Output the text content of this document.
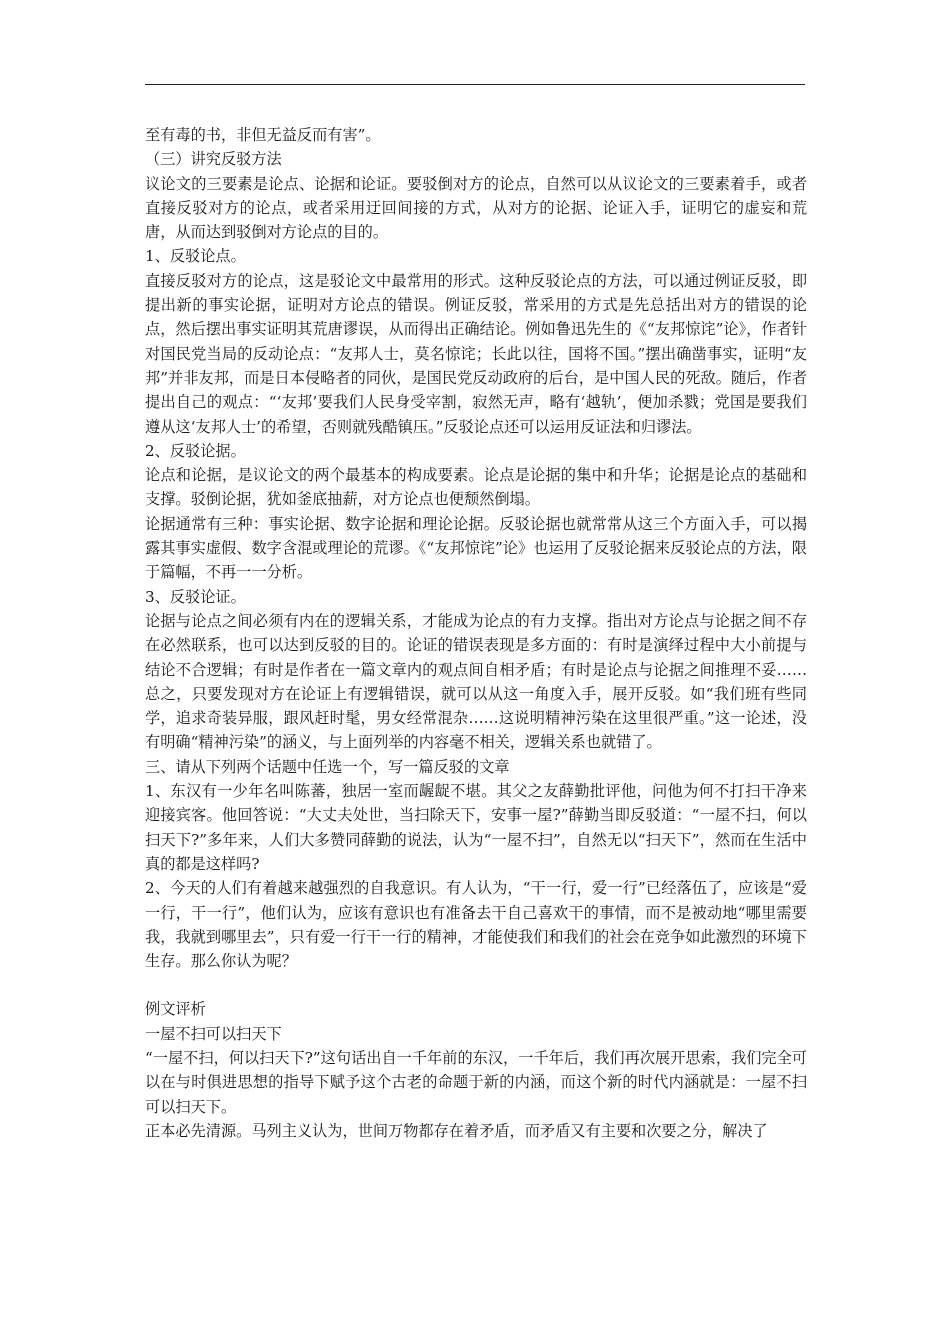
至有毒的书，非但无益反而有害”。

（三）讲究反驳方法

议论文的三要素是论点、论据和论证。要驳倒对方的论点，自然可以从议论文的三要素着手，或者直接反驳对方的论点，或者采用迂回间接的方式，从对方的论据、论证入手，证明它的虚妄和荒唐，从而达到驳倒对方论点的目的。

1、反驳论点。

直接反驳对方的论点，这是驳论文中最常用的形式。这种反驳论点的方法，可以通过例证反驳，即提出新的事实论据，证明对方论点的错误。例证反驳，常采用的方式是先总括出对方的错误的论点，然后摆出事实证明其荒唐谬误，从而得出正确结论。例如鲁迅先生的《“友邦惊诧”论》，作者针对国民党当局的反动论点：“友邦人士，莫名惊诧；长此以往，国将不国。”摆出确凿事实，证明“友邦”并非友邦，而是日本侵略者的同伙，是国民党反动政府的后台，是中国人民的死敌。随后，作者提出自己的观点：“‘友邦’要我们人民身受宰割，寂然无声，略有‘越轨’，便加杀戮；党国是要我们遵从这‘友邦人士’的希望，否则就残酷镇压。”反驳论点还可以运用反证法和归谬法。

2、反驳论据。

论点和论据，是议论文的两个最基本的构成要素。论点是论据的集中和升华；论据是论点的基础和支撑。驳倒论据，犹如釜底抽薪，对方论点也便颓然倒塌。

论据通常有三种：事实论据、数字论据和理论论据。反驳论据也就常常从这三个方面入手，可以揭露其事实虚假、数字含混或理论的荒谬。《“友邦惊诧”论》也运用了反驳论据来反驳论点的方法，限于篇幅，不再一一分析。

3、反驳论证。

论据与论点之间必须有内在的逻辑关系，才能成为论点的有力支撑。指出对方论点与论据之间不存在必然联系，也可以达到反驳的目的。论证的错误表现是多方面的：有时是演绎过程中大小前提与结论不合逻辑；有时是作者在一篇文章内的观点间自相矛盾；有时是论点与论据之间推理不妥……总之，只要发现对方在论证上有逻辑错误，就可以从这一角度入手，展开反驳。如“我们班有些同学，追求奇装异服，跟风赶时髦，男女经常混杂……这说明精神污染在这里很严重。”这一论述，没有明确“精神污染”的涵义，与上面列举的内容毫不相关，逻辑关系也就错了。

三、请从下列两个话题中任选一个，写一篇反驳的文章

1、东汉有一少年名叫陈蕃，独居一室而龌龊不堪。其父之友薛勤批评他，问他为何不打扫干净来迎接宾客。他回答说：“大丈夫处世，当扫除天下，安事一屋?”薛勤当即反驳道：“一屋不扫，何以扫天下?”多年来，人们大多赞同薛勤的说法，认为“一屋不扫”，自然无以“扫天下”，然而在生活中真的都是这样吗?

2、今天的人们有着越来越强烈的自我意识。有人认为，“干一行，爱一行”已经落伍了，应该是“爱一行，干一行”，他们认为，应该有意识也有准备去干自己喜欢干的事情，而不是被动地“哪里需要我，我就到哪里去”，只有爱一行干一行的精神，才能使我们和我们的社会在竞争如此激烈的环境下生存。那么你认为呢？

例文评析

一屋不扫可以扫天下

“一屋不扫，何以扫天下?”这句话出自一千年前的东汉，一千年后，我们再次展开思索，我们完全可以在与时俱进思想的指导下赋予这个古老的命题于新的内涵，而这个新的时代内涵就是：一屋不扫可以扫天下。

正本必先清源。马列主义认为，世间万物都存在着矛盾，而矛盾又有主要和次要之分，解决了
